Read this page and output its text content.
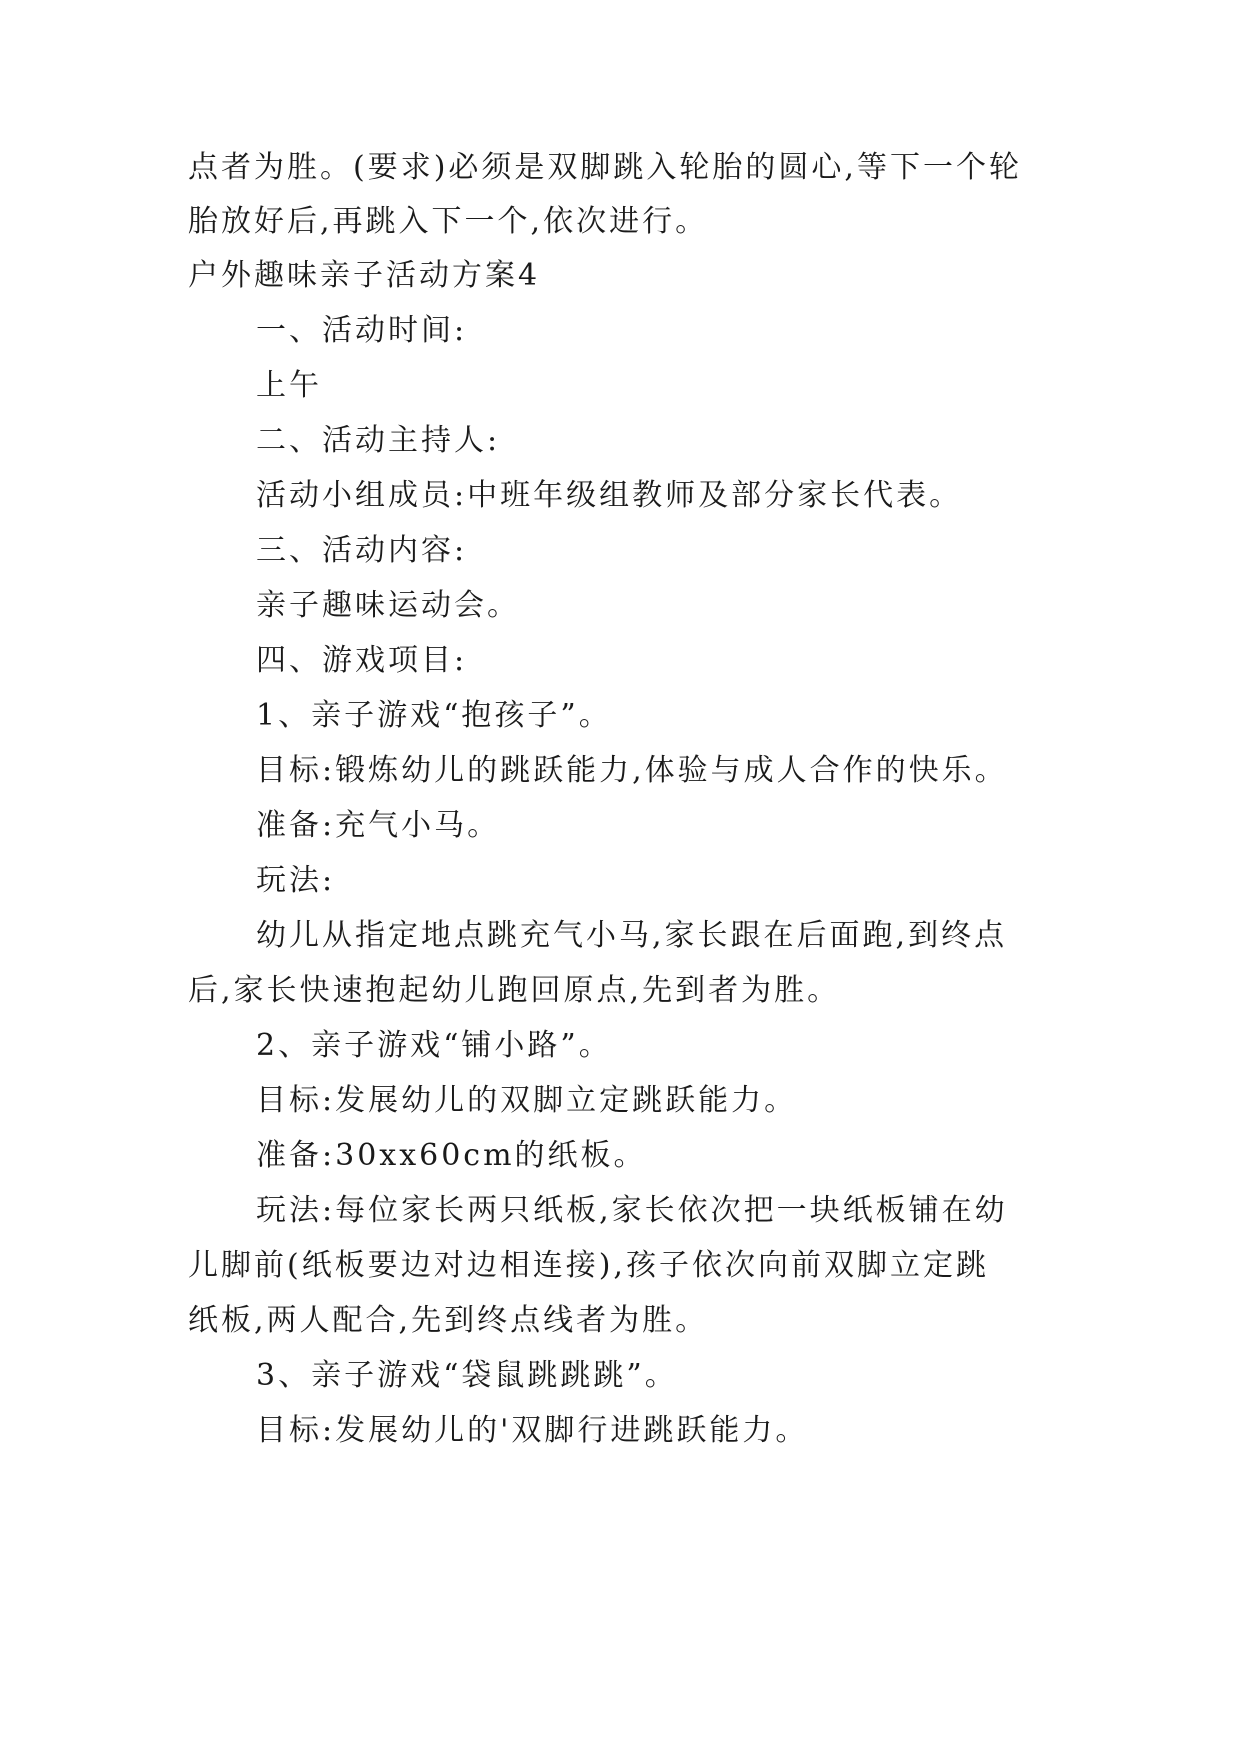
点者为胜。(要求)必须是双脚跳入轮胎的圆心,等下一个轮
胎放好后,再跳入下一个,依次进行。
户外趣味亲子活动方案4
一、活动时间:
上午
二、活动主持人:
活动小组成员:中班年级组教师及部分家长代表。
三、活动内容:
亲子趣味运动会。
四、游戏项目:
1、亲子游戏“抱孩子”。
目标:锻炼幼儿的跳跃能力,体验与成人合作的快乐。
准备:充气小马。
玩法:
幼儿从指定地点跳充气小马,家长跟在后面跑,到终点
后,家长快速抱起幼儿跑回原点,先到者为胜。
2、亲子游戏“铺小路”。
目标:发展幼儿的双脚立定跳跃能力。
准备:30xx60cm的纸板。
玩法:每位家长两只纸板,家长依次把一块纸板铺在幼
儿脚前(纸板要边对边相连接),孩子依次向前双脚立定跳
纸板,两人配合,先到终点线者为胜。
3、亲子游戏“袋鼠跳跳跳”。
目标:发展幼儿的'双脚行进跳跃能力。
